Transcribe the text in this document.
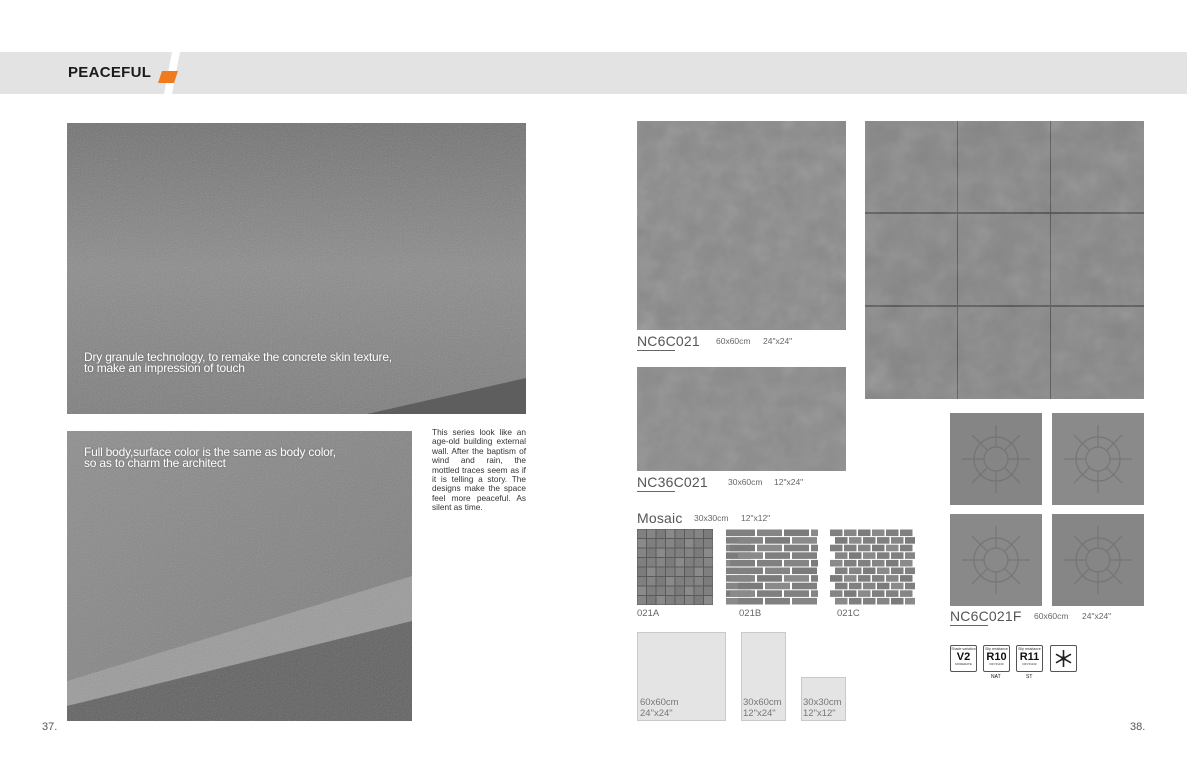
PEACEFUL
Dry granule technology, to remake the concrete skin texture,
to make an impression of touch
Full body,surface color is the same as body color,
so as to charm the architect
This series look like an age-old building external wall. After the baptism of wind and rain, the mottled traces seem as if it is telling a story. The designs make the space feel more peaceful. As silent as time.
37.
NC6C021 60x60cm 24"x24"
NC36C021 30x60cm 12"x24"
Mosaic 30x30cm 12"x12"
021A	021B	021C
60x60cm
24"x24"
30x60cm
12"x24"
30x30cm
12"x12"
NC6C021F 60x60cm 24"x24"
Shade variation
V2
MODERATE
Slip resistance
R10
DIN 51130
NAT
Slip resistance
R11
DIN 51130
ST
38.
